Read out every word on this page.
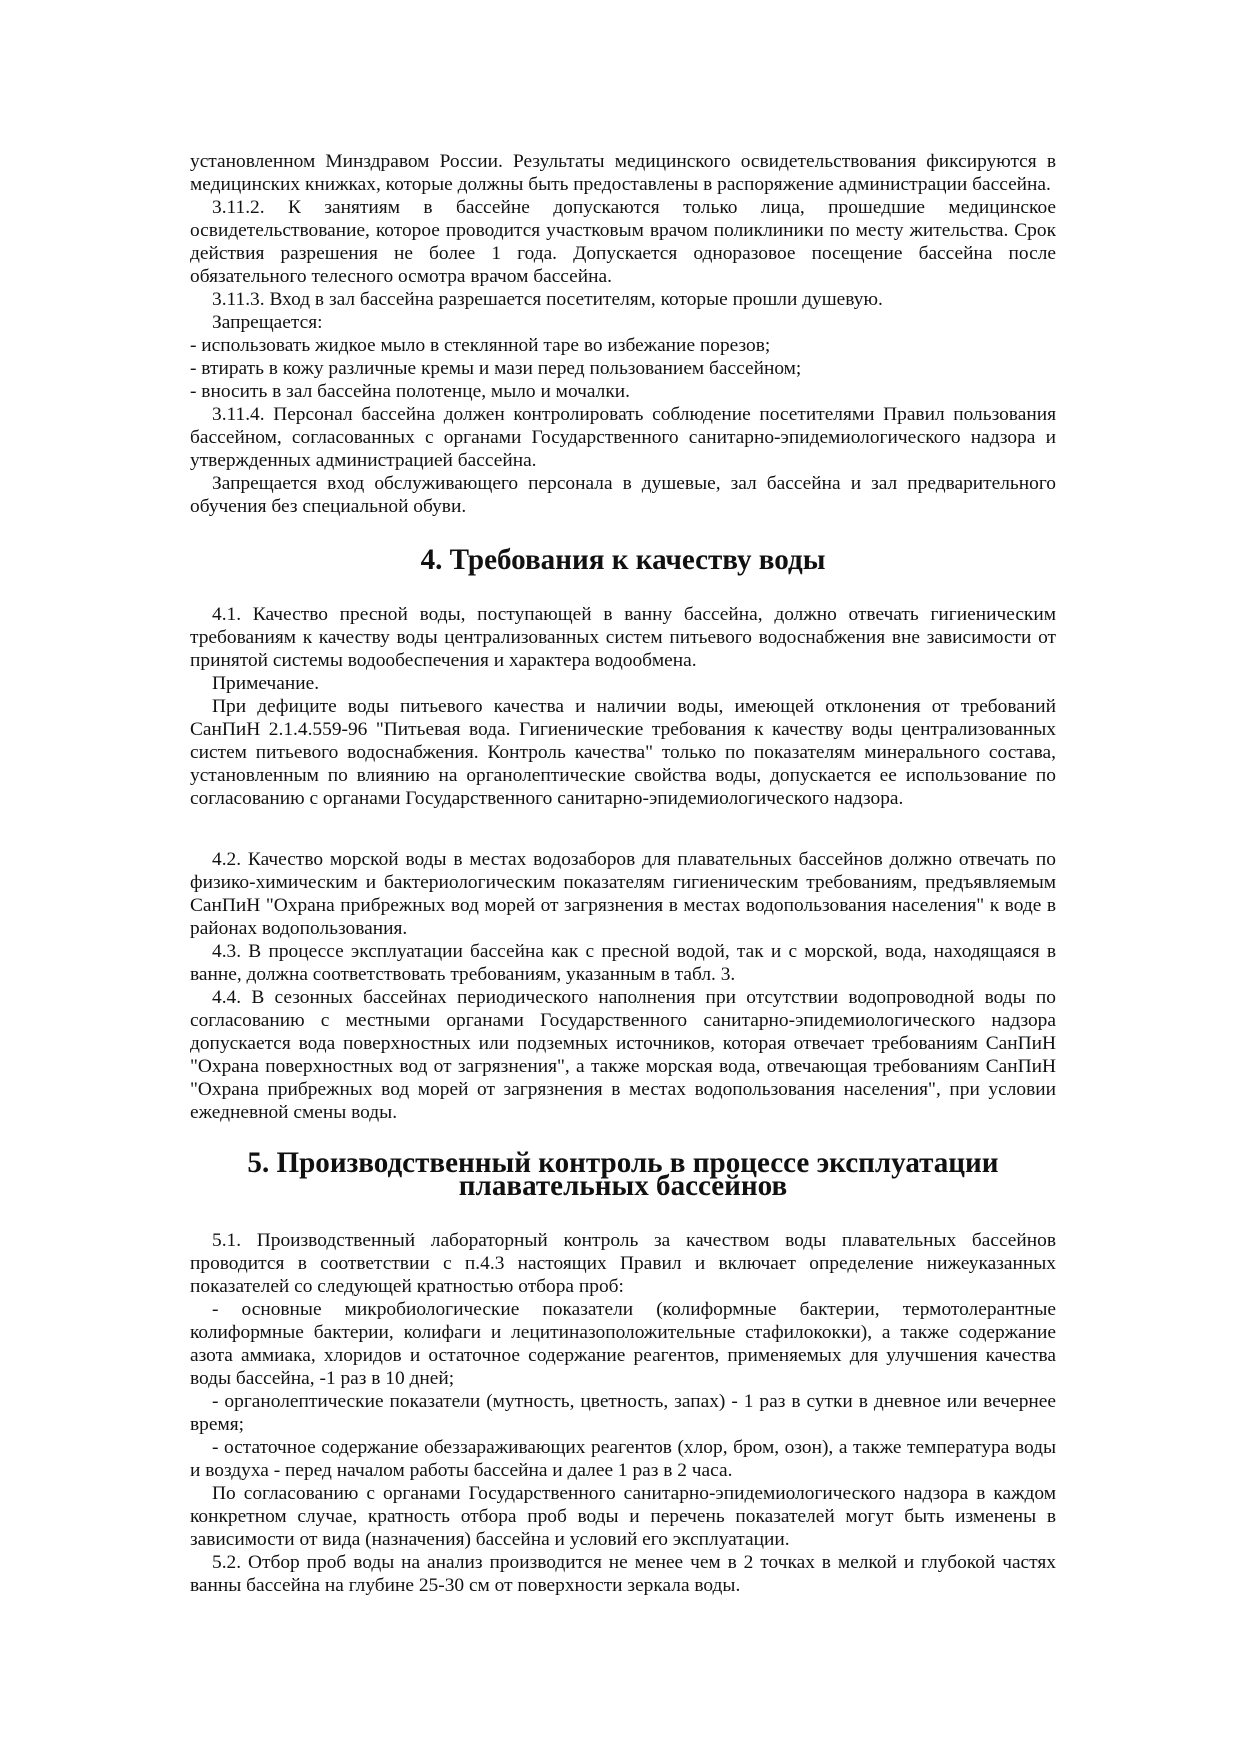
установленном Минздравом России. Результаты медицинского освидетельствования фиксируются в медицинских книжках, которые должны быть предоставлены в распоряжение администрации бассейна.

3.11.2. К занятиям в бассейне допускаются только лица, прошедшие медицинское освидетельствование, которое проводится участковым врачом поликлиники по месту жительства. Срок действия разрешения не более 1 года. Допускается одноразовое посещение бассейна после обязательного телесного осмотра врачом бассейна.

3.11.3. Вход в зал бассейна разрешается посетителям, которые прошли душевую.

Запрещается:

- использовать жидкое мыло в стеклянной таре во избежание порезов;

- втирать в кожу различные кремы и мази перед пользованием бассейном;

- вносить в зал бассейна полотенце, мыло и мочалки.

3.11.4. Персонал бассейна должен контролировать соблюдение посетителями Правил пользования бассейном, согласованных с органами Государственного санитарно-эпидемиологического надзора и утвержденных администрацией бассейна.

Запрещается вход обслуживающего персонала в душевые, зал бассейна и зал предварительного обучения без специальной обуви.

4. Требования к качеству воды

4.1. Качество пресной воды, поступающей в ванну бассейна, должно отвечать гигиеническим требованиям к качеству воды централизованных систем питьевого водоснабжения вне зависимости от принятой системы водообеспечения и характера водообмена.

Примечание.

При дефиците воды питьевого качества и наличии воды, имеющей отклонения от требований СанПиН 2.1.4.559-96 "Питьевая вода. Гигиенические требования к качеству воды централизованных систем питьевого водоснабжения. Контроль качества" только по показателям минерального состава, установленным по влиянию на органолептические свойства воды, допускается ее использование по согласованию с органами Государственного санитарно-эпидемиологического надзора.

4.2. Качество морской воды в местах водозаборов для плавательных бассейнов должно отвечать по физико-химическим и бактериологическим показателям гигиеническим требованиям, предъявляемым СанПиН "Охрана прибрежных вод морей от загрязнения в местах водопользования населения" к воде в районах водопользования.

4.3. В процессе эксплуатации бассейна как с пресной водой, так и с морской, вода, находящаяся в ванне, должна соответствовать требованиям, указанным в табл. 3.

4.4. В сезонных бассейнах периодического наполнения при отсутствии водопроводной воды по согласованию с местными органами Государственного санитарно-эпидемиологического надзора допускается вода поверхностных или подземных источников, которая отвечает требованиям СанПиН "Охрана поверхностных вод от загрязнения", а также морская вода, отвечающая требованиям СанПиН "Охрана прибрежных вод морей от загрязнения в местах водопользования населения", при условии ежедневной смены воды.

5. Производственный контроль в процессе эксплуатации плавательных бассейнов

5.1. Производственный лабораторный контроль за качеством воды плавательных бассейнов проводится в соответствии с п.4.3 настоящих Правил и включает определение нижеуказанных показателей со следующей кратностью отбора проб:

- основные микробиологические показатели (колиформные бактерии, термотолерантные колиформные бактерии, колифаги и лецитиназоположительные стафилококки), а также содержание азота аммиака, хлоридов и остаточное содержание реагентов, применяемых для улучшения качества воды бассейна, -1 раз в 10 дней;

- органолептические показатели (мутность, цветность, запах) - 1 раз в сутки в дневное или вечернее время;

- остаточное содержание обеззараживающих реагентов (хлор, бром, озон), а также температура воды и воздуха - перед началом работы бассейна и далее 1 раз в 2 часа.

По согласованию с органами Государственного санитарно-эпидемиологического надзора в каждом конкретном случае, кратность отбора проб воды и перечень показателей могут быть изменены в зависимости от вида (назначения) бассейна и условий его эксплуатации.

5.2. Отбор проб воды на анализ производится не менее чем в 2 точках в мелкой и глубокой частях ванны бассейна на глубине 25-30 см от поверхности зеркала воды.
